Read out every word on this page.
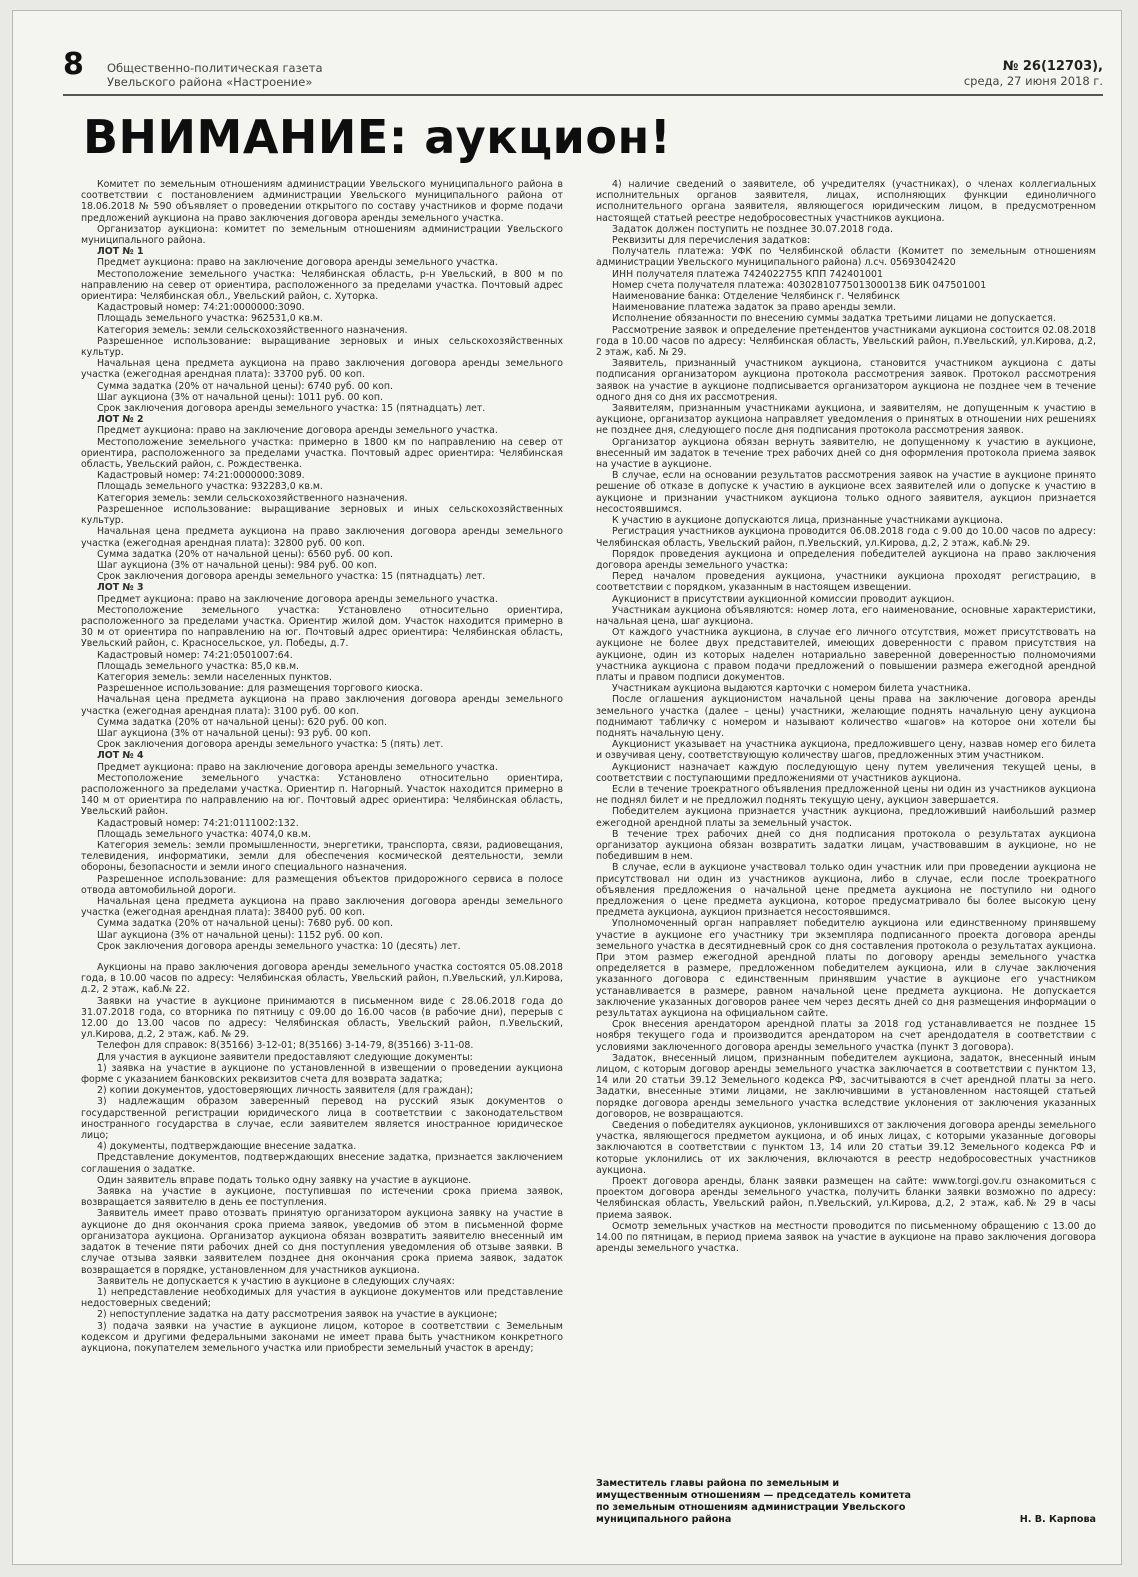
8 Общественно-политическая газета
Увельского района «Настроение»
№ 26(12703),
среда, 27 июня 2018 г.
ВНИМАНИЕ: аукцион!

Комитет по земельным отношениям администрации Увельского муниципального района в соответствии с постановлением администрации Увельского муниципального района от 18.06.2018 № 590 объявляет о проведении открытого по составу участников и форме подачи предложений аукциона на право заключения договора аренды земельного участка.

Организатор аукциона: комитет по земельным отношениям администрации Увельского муниципального района.

ЛОТ № 1

Предмет аукциона: право на заключение договора аренды земельного участка.

Местоположение земельного участка: Челябинская область, р-н Увельский, в 800 м по направлению на север от ориентира, расположенного за пределами участка. Почтовый адрес ориентира: Челябинская обл., Увельский район, с. Хуторка.

Кадастровый номер: 74:21:0000000:3090.

Площадь земельного участка: 962531,0 кв.м.

Категория земель: земли сельскохозяйственного назначения.

Разрешенное использование: выращивание зерновых и иных сельскохозяйственных культур.

Начальная цена предмета аукциона на право заключения договора аренды земельного участка (ежегодная арендная плата): 33700 руб. 00 коп.

Сумма задатка (20% от начальной цены): 6740 руб. 00 коп.

Шаг аукциона (3% от начальной цены): 1011 руб. 00 коп.

Срок заключения договора аренды земельного участка: 15 (пятнадцать) лет.

ЛОТ № 2

Предмет аукциона: право на заключение договора аренды земельного участка.

Местоположение земельного участка: примерно в 1800 км по направлению на север от ориентира, расположенного за пределами участка. Почтовый адрес ориентира: Челябинская область, Увельский район, с. Рождественка.

Кадастровый номер: 74:21:0000000:3089.

Площадь земельного участка: 932283,0 кв.м.

Категория земель: земли сельскохозяйственного назначения.

Разрешенное использование: выращивание зерновых и иных сельскохозяйственных культур.

Начальная цена предмета аукциона на право заключения договора аренды земельного участка (ежегодная арендная плата): 32800 руб. 00 коп.

Сумма задатка (20% от начальной цены): 6560 руб. 00 коп.

Шаг аукциона (3% от начальной цены): 984 руб. 00 коп.

Срок заключения договора аренды земельного участка: 15 (пятнадцать) лет.

ЛОТ № 3

Предмет аукциона: право на заключение договора аренды земельного участка.

Местоположение земельного участка: Установлено относительно ориентира, расположенного за пределами участка. Ориентир жилой дом. Участок находится примерно в 30 м от ориентира по направлению на юг. Почтовый адрес ориентира: Челябинская область, Увельский район, с. Красносельское, ул. Победы, д.7.

Кадастровый номер: 74:21:0501007:64.

Площадь земельного участка: 85,0 кв.м.

Категория земель: земли населенных пунктов.

Разрешенное использование: для размещения торгового киоска.

Начальная цена предмета аукциона на право заключения договора аренды земельного участка (ежегодная арендная плата): 3100 руб. 00 коп.

Сумма задатка (20% от начальной цены): 620 руб. 00 коп.

Шаг аукциона (3% от начальной цены): 93 руб. 00 коп.

Срок заключения договора аренды земельного участка: 5 (пять) лет.

ЛОТ № 4

Предмет аукциона: право на заключение договора аренды земельного участка.

Местоположение земельного участка: Установлено относительно ориентира, расположенного за пределами участка. Ориентир п. Нагорный. Участок находится примерно в 140 м от ориентира по направлению на юг. Почтовый адрес ориентира: Челябинская область, Увельский район.

Кадастровый номер: 74:21:0111002:132.

Площадь земельного участка: 4074,0 кв.м.

Категория земель: земли промышленности, энергетики, транспорта, связи, радиовещания, телевидения, информатики, земли для обеспечения космической деятельности, земли обороны, безопасности и земли иного специального назначения.

Разрешенное использование: для размещения объектов придорожного сервиса в полосе отвода автомобильной дороги.

Начальная цена предмета аукциона на право заключения договора аренды земельного участка (ежегодная арендная плата): 38400 руб. 00 коп.

Сумма задатка (20% от начальной цены): 7680 руб. 00 коп.

Шаг аукциона (3% от начальной цены): 1152 руб. 00 коп.

Срок заключения договора аренды земельного участка: 10 (десять) лет.

Аукционы на право заключения договора аренды земельного участка состоятся 05.08.2018 года, в 10.00 часов по адресу: Челябинская область, Увельский район, п.Увельский, ул.Кирова, д.2, 2 этаж, каб.№ 22.

Заявки на участие в аукционе принимаются в письменном виде с 28.06.2018 года до 31.07.2018 года, со вторника по пятницу с 09.00 до 16.00 часов (в рабочие дни), перерыв с 12.00 до 13.00 часов по адресу: Челябинская область, Увельский район, п.Увельский, ул.Кирова, д.2, 2 этаж, каб. № 29.

Телефон для справок: 8(35166) 3-12-01; 8(35166) 3-14-79, 8(35166) 3-11-08.

Для участия в аукционе заявители предоставляют следующие документы:

1) заявка на участие в аукционе по установленной в извещении о проведении аукциона форме с указанием банковских реквизитов счета для возврата задатка;

2) копии документов, удостоверяющих личность заявителя (для граждан);

3) надлежащим образом заверенный перевод на русский язык документов о государственной регистрации юридического лица в соответствии с законодательством иностранного государства в случае, если заявителем является иностранное юридическое лицо;

4) документы, подтверждающие внесение задатка.

Представление документов, подтверждающих внесение задатка, признается заключением соглашения о задатке.

Один заявитель вправе подать только одну заявку на участие в аукционе.

Заявка на участие в аукционе, поступившая по истечении срока приема заявок, возвращается заявителю в день ее поступления.

Заявитель имеет право отозвать принятую организатором аукциона заявку на участие в аукционе до дня окончания срока приема заявок, уведомив об этом в письменной форме организатора аукциона. Организатор аукциона обязан возвратить заявителю внесенный им задаток в течение пяти рабочих дней со дня поступления уведомления об отзыве заявки. В случае отзыва заявки заявителем позднее дня окончания срока приема заявок, задаток возвращается в порядке, установленном для участников аукциона.

Заявитель не допускается к участию в аукционе в следующих случаях:

1) непредставление необходимых для участия в аукционе документов или представление недостоверных сведений;

2) непоступление задатка на дату рассмотрения заявок на участие в аукционе;

3) подача заявки на участие в аукционе лицом, которое в соответствии с Земельным кодексом и другими федеральными законами не имеет права быть участником конкретного аукциона, покупателем земельного участка или приобрести земельный участок в аренду;

4) наличие сведений о заявителе, об учредителях (участниках), о членах коллегиальных исполнительных органов заявителя, лицах, исполняющих функции единоличного исполнительного органа заявителя, являющегося юридическим лицом, в предусмотренном настоящей статьей реестре недобросовестных участников аукциона.

Задаток должен поступить не позднее 30.07.2018 года.

Реквизиты для перечисления задатков:

Получатель платежа: УФК по Челябинской области (Комитет по земельным отношениям администрации Увельского муниципального района) л.сч. 05693042420

ИНН получателя платежа 7424022755 КПП 742401001

Номер счета получателя платежа: 40302810775013000138 БИК 047501001

Наименование банка: Отделение Челябинск г. Челябинск

Наименование платежа задаток за право аренды земли.

Исполнение обязанности по внесению суммы задатка третьими лицами не допускается.

Рассмотрение заявок и определение претендентов участниками аукциона состоится 02.08.2018 года в 10.00 часов по адресу: Челябинская область, Увельский район, п.Увельский, ул.Кирова, д.2, 2 этаж, каб. № 29.

Заявитель, признанный участником аукциона, становится участником аукциона с даты подписания организатором аукциона протокола рассмотрения заявок. Протокол рассмотрения заявок на участие в аукционе подписывается организатором аукциона не позднее чем в течение одного дня со дня их рассмотрения.

Заявителям, признанным участниками аукциона, и заявителям, не допущенным к участию в аукционе, организатор аукциона направляет уведомления о принятых в отношении них решениях не позднее дня, следующего после дня подписания протокола рассмотрения заявок.

Организатор аукциона обязан вернуть заявителю, не допущенному к участию в аукционе, внесенный им задаток в течение трех рабочих дней со дня оформления протокола приема заявок на участие в аукционе.

В случае, если на основании результатов рассмотрения заявок на участие в аукционе принято решение об отказе в допуске к участию в аукционе всех заявителей или о допуске к участию в аукционе и признании участником аукциона только одного заявителя, аукцион признается несостоявшимся.

К участию в аукционе допускаются лица, признанные участниками аукциона.

Регистрация участников аукциона проводится 06.08.2018 года с 9.00 до 10.00 часов по адресу: Челябинская область, Увельский район, п.Увельский, ул.Кирова, д.2, 2 этаж, каб.№ 29.

Порядок проведения аукциона и определения победителей аукциона на право заключения договора аренды земельного участка:

Перед началом проведения аукциона, участники аукциона проходят регистрацию, в соответствии с порядком, указанным в настоящем извещении.

Аукционист в присутствии аукционной комиссии проводит аукцион.

Участникам аукциона объявляются: номер лота, его наименование, основные характеристики, начальная цена, шаг аукциона.

От каждого участника аукциона, в случае его личного отсутствия, может присутствовать на аукционе не более двух представителей, имеющих доверенности с правом присутствия на аукционе, один из которых наделен нотариально заверенной доверенностью полномочиями участника аукциона с правом подачи предложений о повышении размера ежегодной арендной платы и правом подписи документов.

Участникам аукциона выдаются карточки с номером билета участника.

После оглашения аукционистом начальной цены права на заключение договора аренды земельного участка (далее – цены) участники, желающие поднять начальную цену аукциона поднимают табличку с номером и называют количество «шагов» на которое они хотели бы поднять начальную цену.

Аукционист указывает на участника аукциона, предложившего цену, назвав номер его билета и озвучивая цену, соответствующую количеству шагов, предложенных этим участником.

Аукционист назначает каждую последующую цену путем увеличения текущей цены, в соответствии с поступающими предложениями от участников аукциона.

Если в течение троекратного объявления предложенной цены ни один из участников аукциона не поднял билет и не предложил поднять текущую цену, аукцион завершается.

Победителем аукциона признается участник аукциона, предложивший наибольший размер ежегодной арендной платы за земельный участок.

В течение трех рабочих дней со дня подписания протокола о результатах аукциона организатор аукциона обязан возвратить задатки лицам, участвовавшим в аукционе, но не победившим в нем.

В случае, если в аукционе участвовал только один участник или при проведении аукциона не присутствовал ни один из участников аукциона, либо в случае, если после троекратного объявления предложения о начальной цене предмета аукциона не поступило ни одного предложения о цене предмета аукциона, которое предусматривало бы более высокую цену предмета аукциона, аукцион признается несостоявшимся.

Уполномоченный орган направляет победителю аукциона или единственному принявшему участие в аукционе его участнику три экземпляра подписанного проекта договора аренды земельного участка в десятидневный срок со дня составления протокола о результатах аукциона. При этом размер ежегодной арендной платы по договору аренды земельного участка определяется в размере, предложенном победителем аукциона, или в случае заключения указанного договора с единственным принявшим участие в аукционе его участником устанавливается в размере, равном начальной цене предмета аукциона. Не допускается заключение указанных договоров ранее чем через десять дней со дня размещения информации о результатах аукциона на официальном сайте.

Срок внесения арендатором арендной платы за 2018 год устанавливается не позднее 15 ноября текущего года и производится арендатором на счет арендодателя в соответствии с условиями заключенного договора аренды земельного участка (пункт 3 договора).

Задаток, внесенный лицом, признанным победителем аукциона, задаток, внесенный иным лицом, с которым договор аренды земельного участка заключается в соответствии с пунктом 13, 14 или 20 статьи 39.12 Земельного кодекса РФ, засчитываются в счет арендной платы за него. Задатки, внесенные этими лицами, не заключившими в установленном настоящей статьей порядке договора аренды земельного участка вследствие уклонения от заключения указанных договоров, не возвращаются.

Сведения о победителях аукционов, уклонившихся от заключения договора аренды земельного участка, являющегося предметом аукциона, и об иных лицах, с которыми указанные договоры заключаются в соответствии с пунктом 13, 14 или 20 статьи 39.12 Земельного кодекса РФ и которые уклонились от их заключения, включаются в реестр недобросовестных участников аукциона.

Проект договора аренды, бланк заявки размещен на сайте: www.torgi.gov.ru ознакомиться с проектом договора аренды земельного участка, получить бланки заявки возможно по адресу: Челябинская область, Увельский район, п.Увельский, ул.Кирова, д.2, 2 этаж, каб.№ 29 в часы приема заявок.

Осмотр земельных участков на местности проводится по письменному обращению с 13.00 до 14.00 по пятницам, в период приема заявок на участие в аукционе на право заключения договора аренды земельного участка.

Заместитель главы района по земельным и имущественным отношениям — председатель комитета по земельным отношениям администрации Увельского муниципального района	Н. В. Карпова
